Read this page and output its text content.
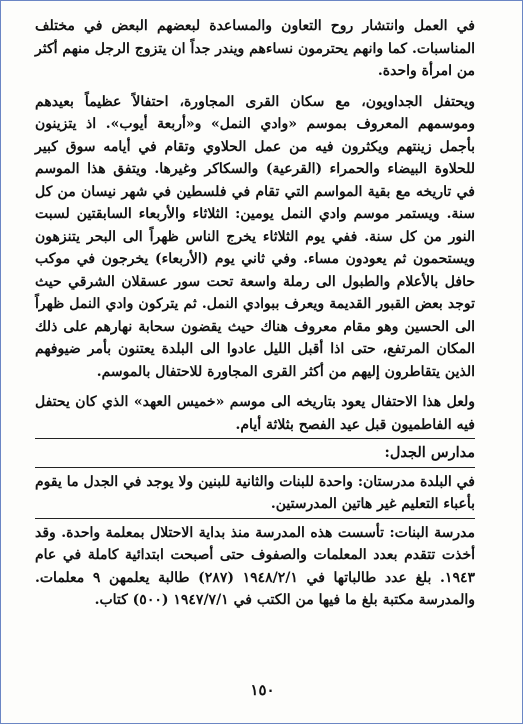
في العمل وانتشار روح التعاون والمساعدة لبعضهم البعض في مختلف المناسبات. كما وانهم يحترمون نساءهم ويندر جداً ان يتزوج الرجل منهم أكثر من امرأة واحدة.

ويحتفل الجداويون، مع سكان القرى المجاورة، احتفالاً عظيماً بعيدهم وموسمهم المعروف بموسم «وادي النمل» و«أربعة أيوب». اذ يتزينون بأجمل زينتهم ويكثرون فيه من عمل الحلاوي وتقام في أيامه سوق كبير للحلاوة البيضاء والحمراء (القرعية) والسكاكر وغيرها. ويتفق هذا الموسم في تاريخه مع بقية المواسم التي تقام في فلسطين في شهر نيسان من كل سنة. ويستمر موسم وادي النمل يومين: الثلاثاء والأربعاء السابقتين لسبت النور من كل سنة. ففي يوم الثلاثاء يخرج الناس ظهراً الى البحر يتنزهون ويستحمون ثم يعودون مساء. وفي ثاني يوم (الأربعاء) يخرجون في موكب حافل بالأعلام والطبول الى رملة واسعة تحت سور عسقلان الشرقي حيث توجد بعض القبور القديمة ويعرف ببوادي النمل. ثم يتركون وادي النمل ظهراً الى الحسين وهو مقام معروف هناك حيث يقضون سحابة نهارهم على ذلك المكان المرتفع، حتى اذا أقبل الليل عادوا الى البلدة يعتنون بأمر ضيوفهم الذين يتقاطرون إليهم من أكثر القرى المجاورة للاحتفال بالموسم.

ولعل هذا الاحتفال يعود بتاريخه الى موسم «خميس العهد» الذي كان يحتفل فيه الفاطميون قبل عيد الفصح بثلاثة أيام.

مدارس الجدل:

في البلدة مدرستان: واحدة للبنات والثانية للبنين ولا يوجد في الجدل ما يقوم بأعباء التعليم غير هاتين المدرستين.

مدرسة البنات: تأسست هذه المدرسة منذ بداية الاحتلال بمعلمة واحدة. وقد أخذت تتقدم بعدد المعلمات والصفوف حتى أصبحت ابتدائية كاملة في عام ١٩٤٣. بلغ عدد طالباتها في ١٩٤٨/٢/١ (٢٨٧) طالبة يعلمهن ٩ معلمات. والمدرسة مكتبة بلغ ما فيها من الكتب في ١٩٤٧/٧/١ (٥٠٠) كتاب.

١٥٠
